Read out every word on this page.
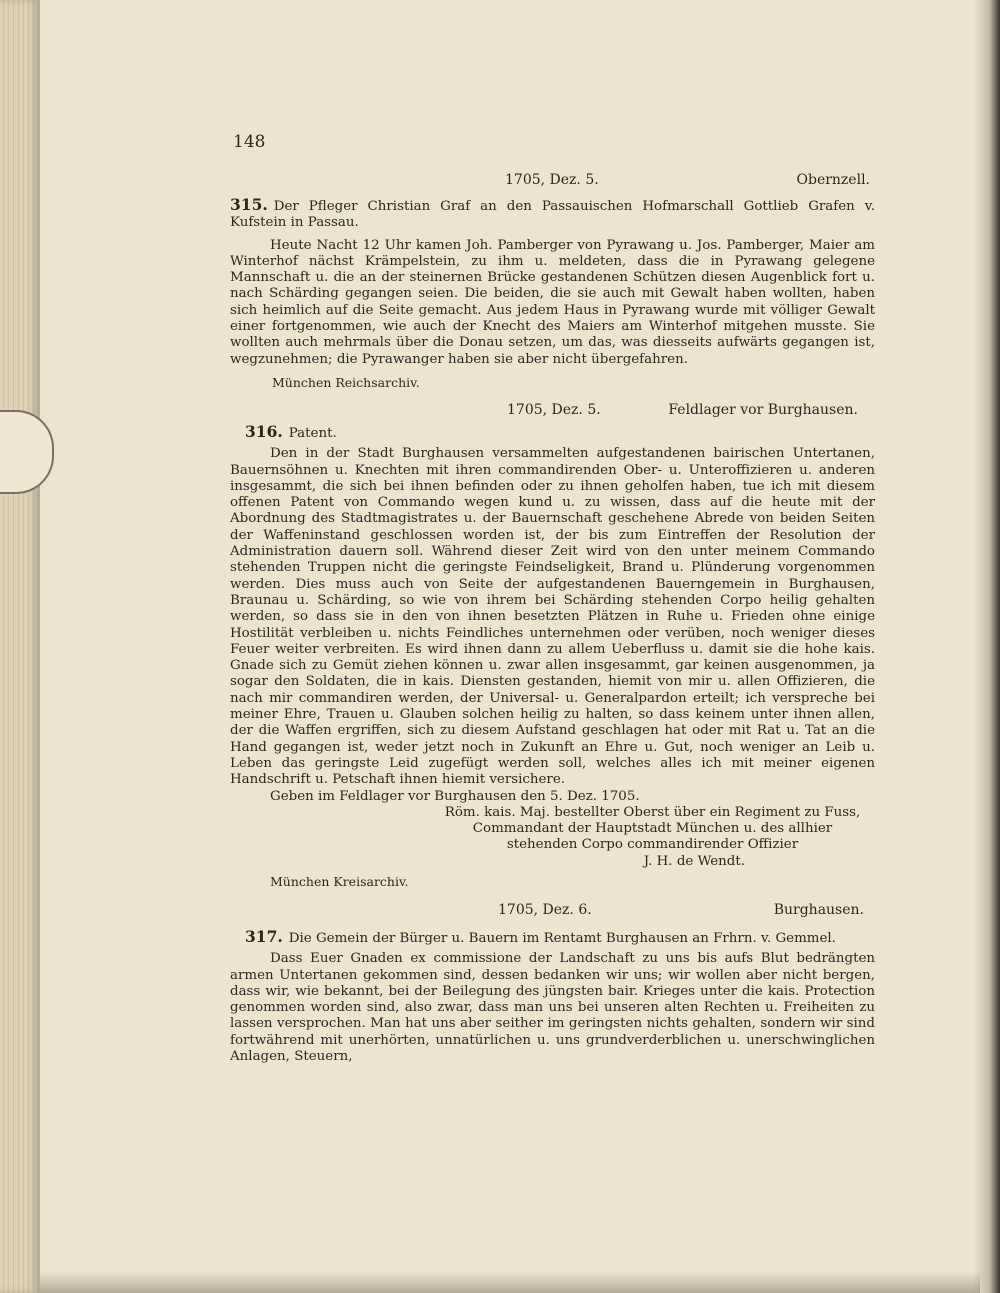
148
1705, Dez. 5.	Obernzell.

315. Der Pfleger Christian Graf an den Passauischen Hofmarschall Gottlieb Grafen v. Kufstein in Passau.

Heute Nacht 12 Uhr kamen Joh. Pamberger von Pyrawang u. Jos. Pamberger, Maier am Winterhof nächst Krämpelstein, zu ihm u. meldeten, dass die in Pyrawang gelegene Mannschaft u. die an der steinernen Brücke gestandenen Schützen diesen Augenblick fort u. nach Schärding gegangen seien. Die beiden, die sie auch mit Gewalt haben wollten, haben sich heimlich auf die Seite gemacht. Aus jedem Haus in Pyrawang wurde mit völliger Gewalt einer fortgenommen, wie auch der Knecht des Maiers am Winterhof mitgehen musste. Sie wollten auch mehrmals über die Donau setzen, um das, was diesseits aufwärts gegangen ist, wegzunehmen; die Pyrawanger haben sie aber nicht übergefahren.

München Reichsarchiv.

1705, Dez. 5.	Feldlager vor Burghausen.

316. Patent.

Den in der Stadt Burghausen versammelten aufgestandenen bairischen Untertanen, Bauernsöhnen u. Knechten mit ihren commandirenden Ober- u. Unteroffizieren u. anderen insgesammt, die sich bei ihnen befinden oder zu ihnen geholfen haben, tue ich mit diesem offenen Patent von Commando wegen kund u. zu wissen, dass auf die heute mit der Abordnung des Stadtmagistrates u. der Bauernschaft geschehene Abrede von beiden Seiten der Waffeninstand geschlossen worden ist, der bis zum Eintreffen der Resolution der Administration dauern soll. Während dieser Zeit wird von den unter meinem Commando stehenden Truppen nicht die geringste Feindseligkeit, Brand u. Plünderung vorgenommen werden. Dies muss auch von Seite der aufgestandenen Bauerngemein in Burghausen, Braunau u. Schärding, so wie von ihrem bei Schärding stehenden Corpo heilig gehalten werden, so dass sie in den von ihnen besetzten Plätzen in Ruhe u. Frieden ohne einige Hostilität verbleiben u. nichts Feindliches unternehmen oder verüben, noch weniger dieses Feuer weiter verbreiten. Es wird ihnen dann zu allem Ueberfluss u. damit sie die hohe kais. Gnade sich zu Gemüt ziehen können u. zwar allen insgesammt, gar keinen ausgenommen, ja sogar den Soldaten, die in kais. Diensten gestanden, hiemit von mir u. allen Offizieren, die nach mir commandiren werden, der Universal- u. Generalpardon erteilt; ich verspreche bei meiner Ehre, Trauen u. Glauben solchen heilig zu halten, so dass keinem unter ihnen allen, der die Waffen ergriffen, sich zu diesem Aufstand geschlagen hat oder mit Rat u. Tat an die Hand gegangen ist, weder jetzt noch in Zukunft an Ehre u. Gut, noch weniger an Leib u. Leben das geringste Leid zugefügt werden soll, welches alles ich mit meiner eigenen Handschrift u. Petschaft ihnen hiemit versichere.

Geben im Feldlager vor Burghausen den 5. Dez. 1705.

Röm. kais. Maj. bestellter Oberst über ein Regiment zu Fuss,

Commandant der Hauptstadt München u. des allhier

stehenden Corpo commandirender Offizier

J. H. de Wendt.

München Kreisarchiv.

1705, Dez. 6.	Burghausen.

317. Die Gemein der Bürger u. Bauern im Rentamt Burghausen an Frhrn. v. Gemmel.

Dass Euer Gnaden ex commissione der Landschaft zu uns bis aufs Blut bedrängten armen Untertanen gekommen sind, dessen bedanken wir uns; wir wollen aber nicht bergen, dass wir, wie bekannt, bei der Beilegung des jüngsten bair. Krieges unter die kais. Protection genommen worden sind, also zwar, dass man uns bei unseren alten Rechten u. Freiheiten zu lassen versprochen. Man hat uns aber seither im geringsten nichts gehalten, sondern wir sind fortwährend mit unerhörten, unnatürlichen u. uns grundverderblichen u. unerschwinglichen Anlagen, Steuern,
